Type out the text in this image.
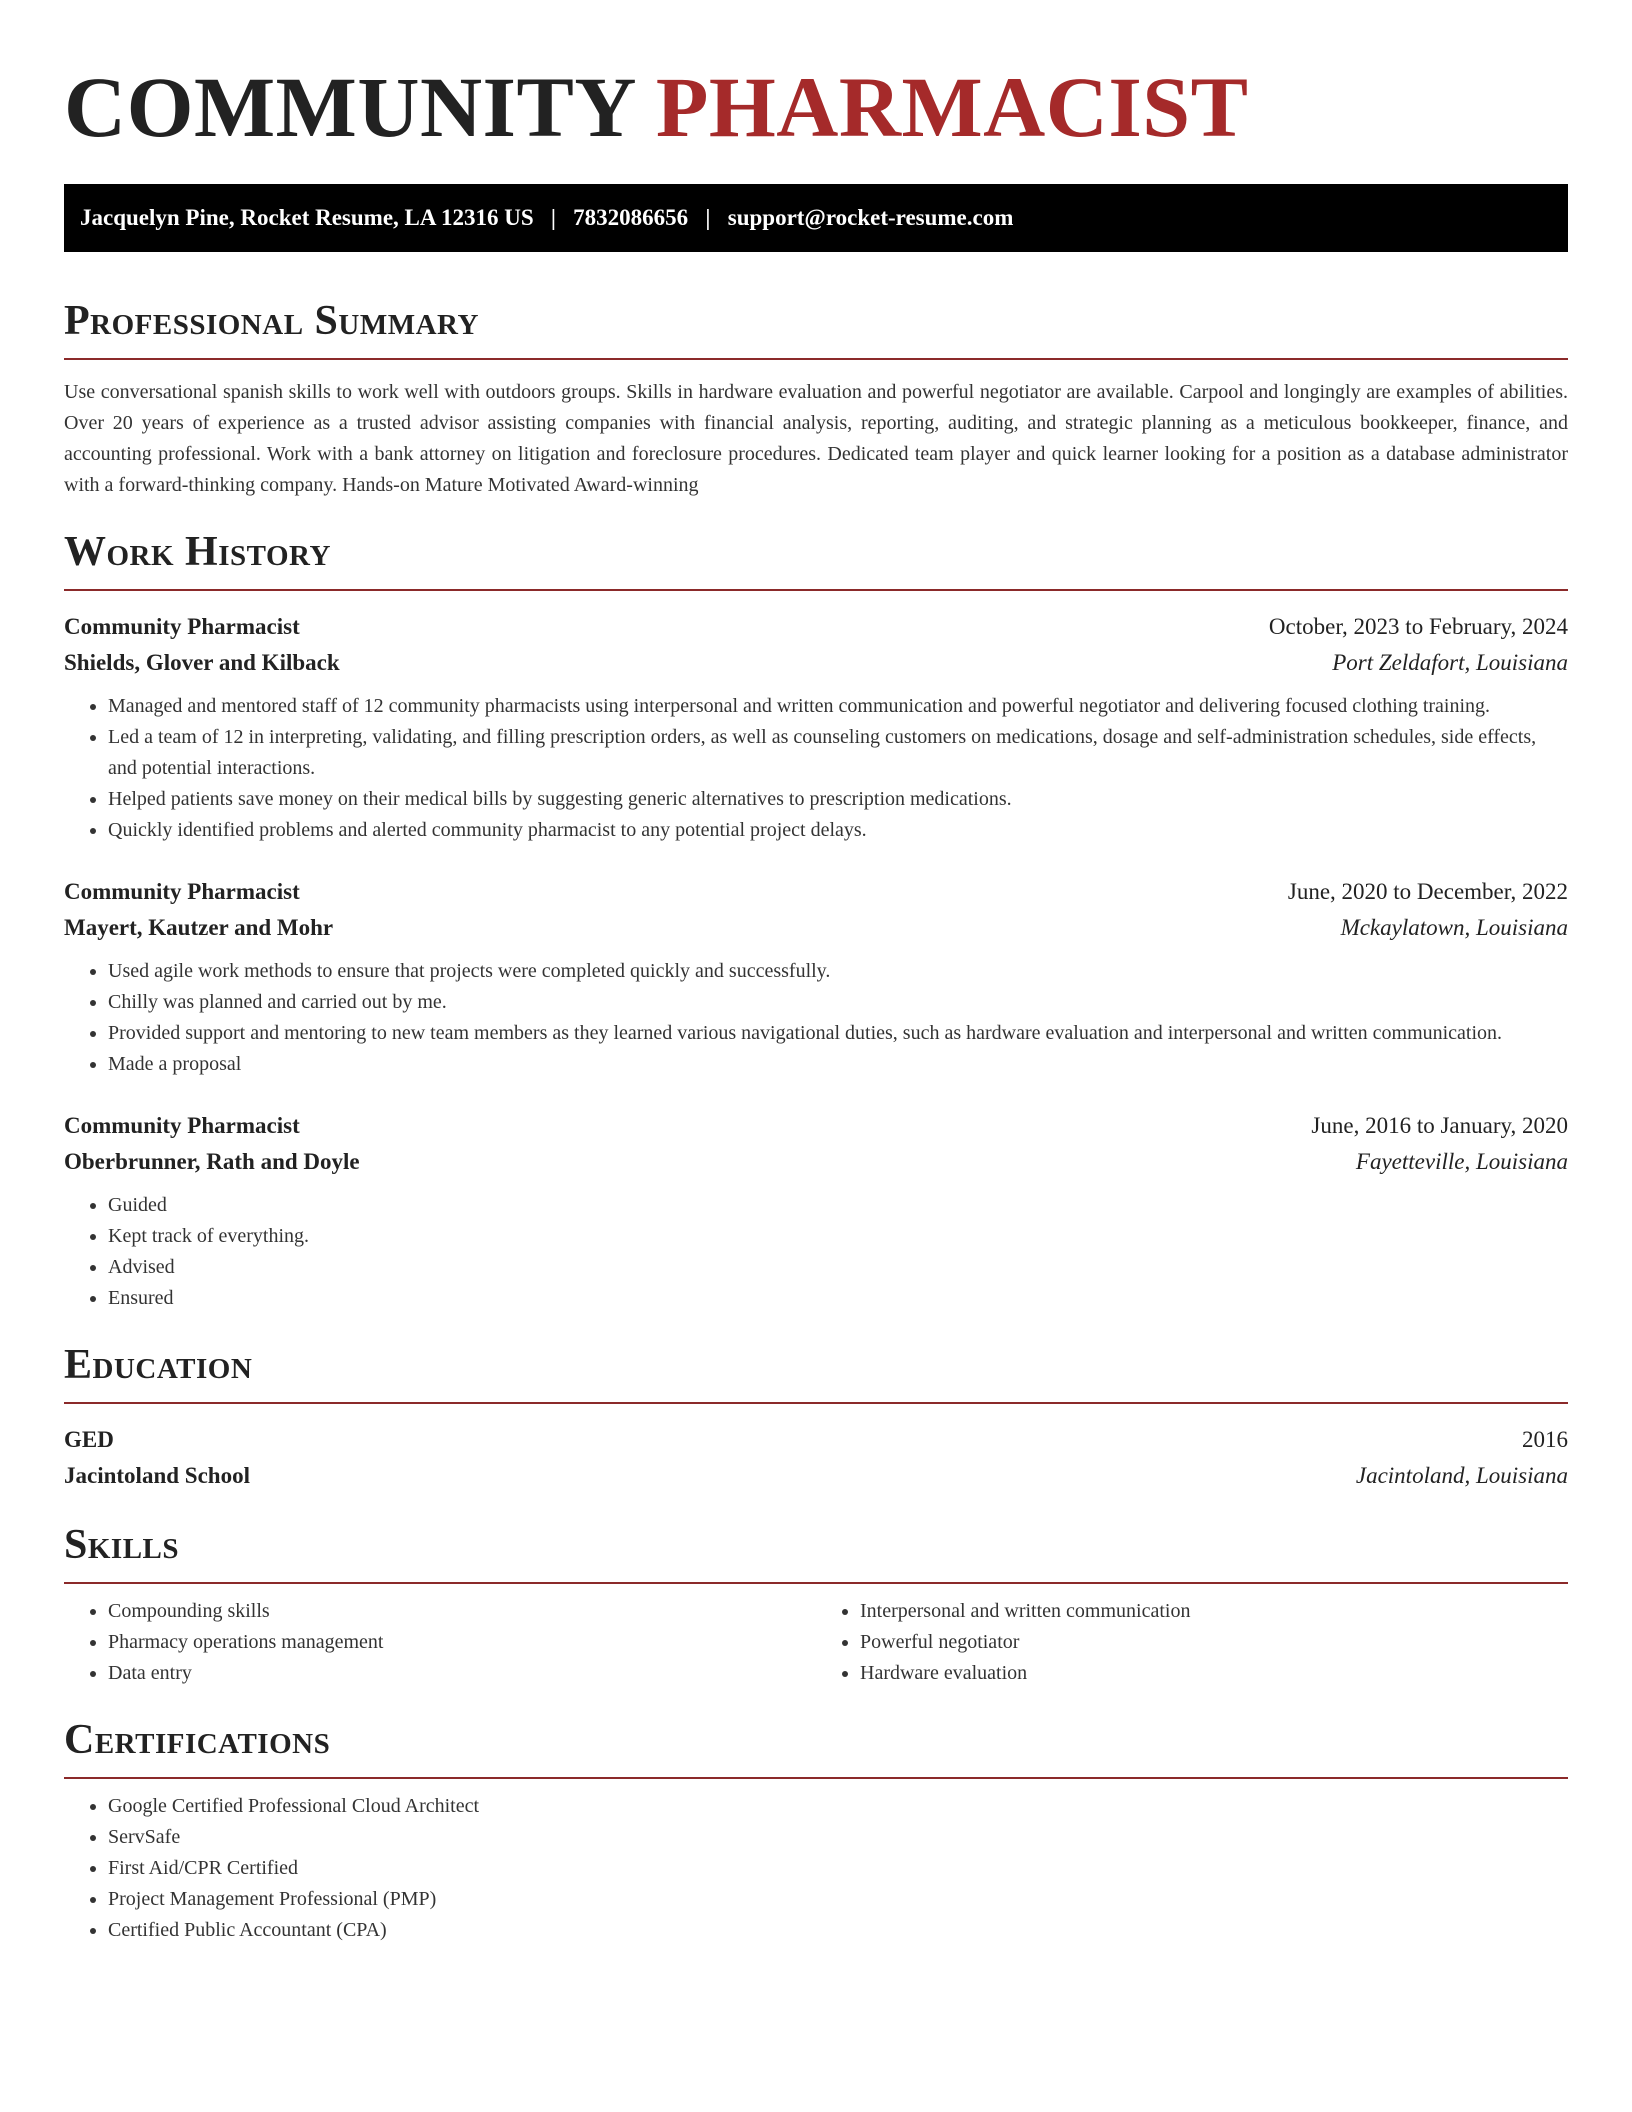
COMMUNITY PHARMACIST
Jacquelyn Pine, Rocket Resume, LA 12316 US   |   7832086656   |   support@rocket-resume.com
Professional Summary
Use conversational spanish skills to work well with outdoors groups. Skills in hardware evaluation and powerful negotiator are available. Carpool and longingly are examples of abilities. Over 20 years of experience as a trusted advisor assisting companies with financial analysis, reporting, auditing, and strategic planning as a meticulous bookkeeper, finance, and accounting professional. Work with a bank attorney on litigation and foreclosure procedures. Dedicated team player and quick learner looking for a position as a database administrator with a forward-thinking company. Hands-on Mature Motivated Award-winning
Work History
Community Pharmacist	October, 2023 to February, 2024
Shields, Glover and Kilback	Port Zeldafort, Louisiana
• Managed and mentored staff of 12 community pharmacists using interpersonal and written communication and powerful negotiator and delivering focused clothing training.
• Led a team of 12 in interpreting, validating, and filling prescription orders, as well as counseling customers on medications, dosage and self-administration schedules, side effects, and potential interactions.
• Helped patients save money on their medical bills by suggesting generic alternatives to prescription medications.
• Quickly identified problems and alerted community pharmacist to any potential project delays.
Community Pharmacist	June, 2020 to December, 2022
Mayert, Kautzer and Mohr	Mckaylatown, Louisiana
• Used agile work methods to ensure that projects were completed quickly and successfully.
• Chilly was planned and carried out by me.
• Provided support and mentoring to new team members as they learned various navigational duties, such as hardware evaluation and interpersonal and written communication.
• Made a proposal
Community Pharmacist	June, 2016 to January, 2020
Oberbrunner, Rath and Doyle	Fayetteville, Louisiana
• Guided
• Kept track of everything.
• Advised
• Ensured
Education
GED	2016
Jacintoland School	Jacintoland, Louisiana
Skills
• Compounding skills
• Pharmacy operations management
• Data entry
• Interpersonal and written communication
• Powerful negotiator
• Hardware evaluation
Certifications
• Google Certified Professional Cloud Architect
• ServSafe
• First Aid/CPR Certified
• Project Management Professional (PMP)
• Certified Public Accountant (CPA)
